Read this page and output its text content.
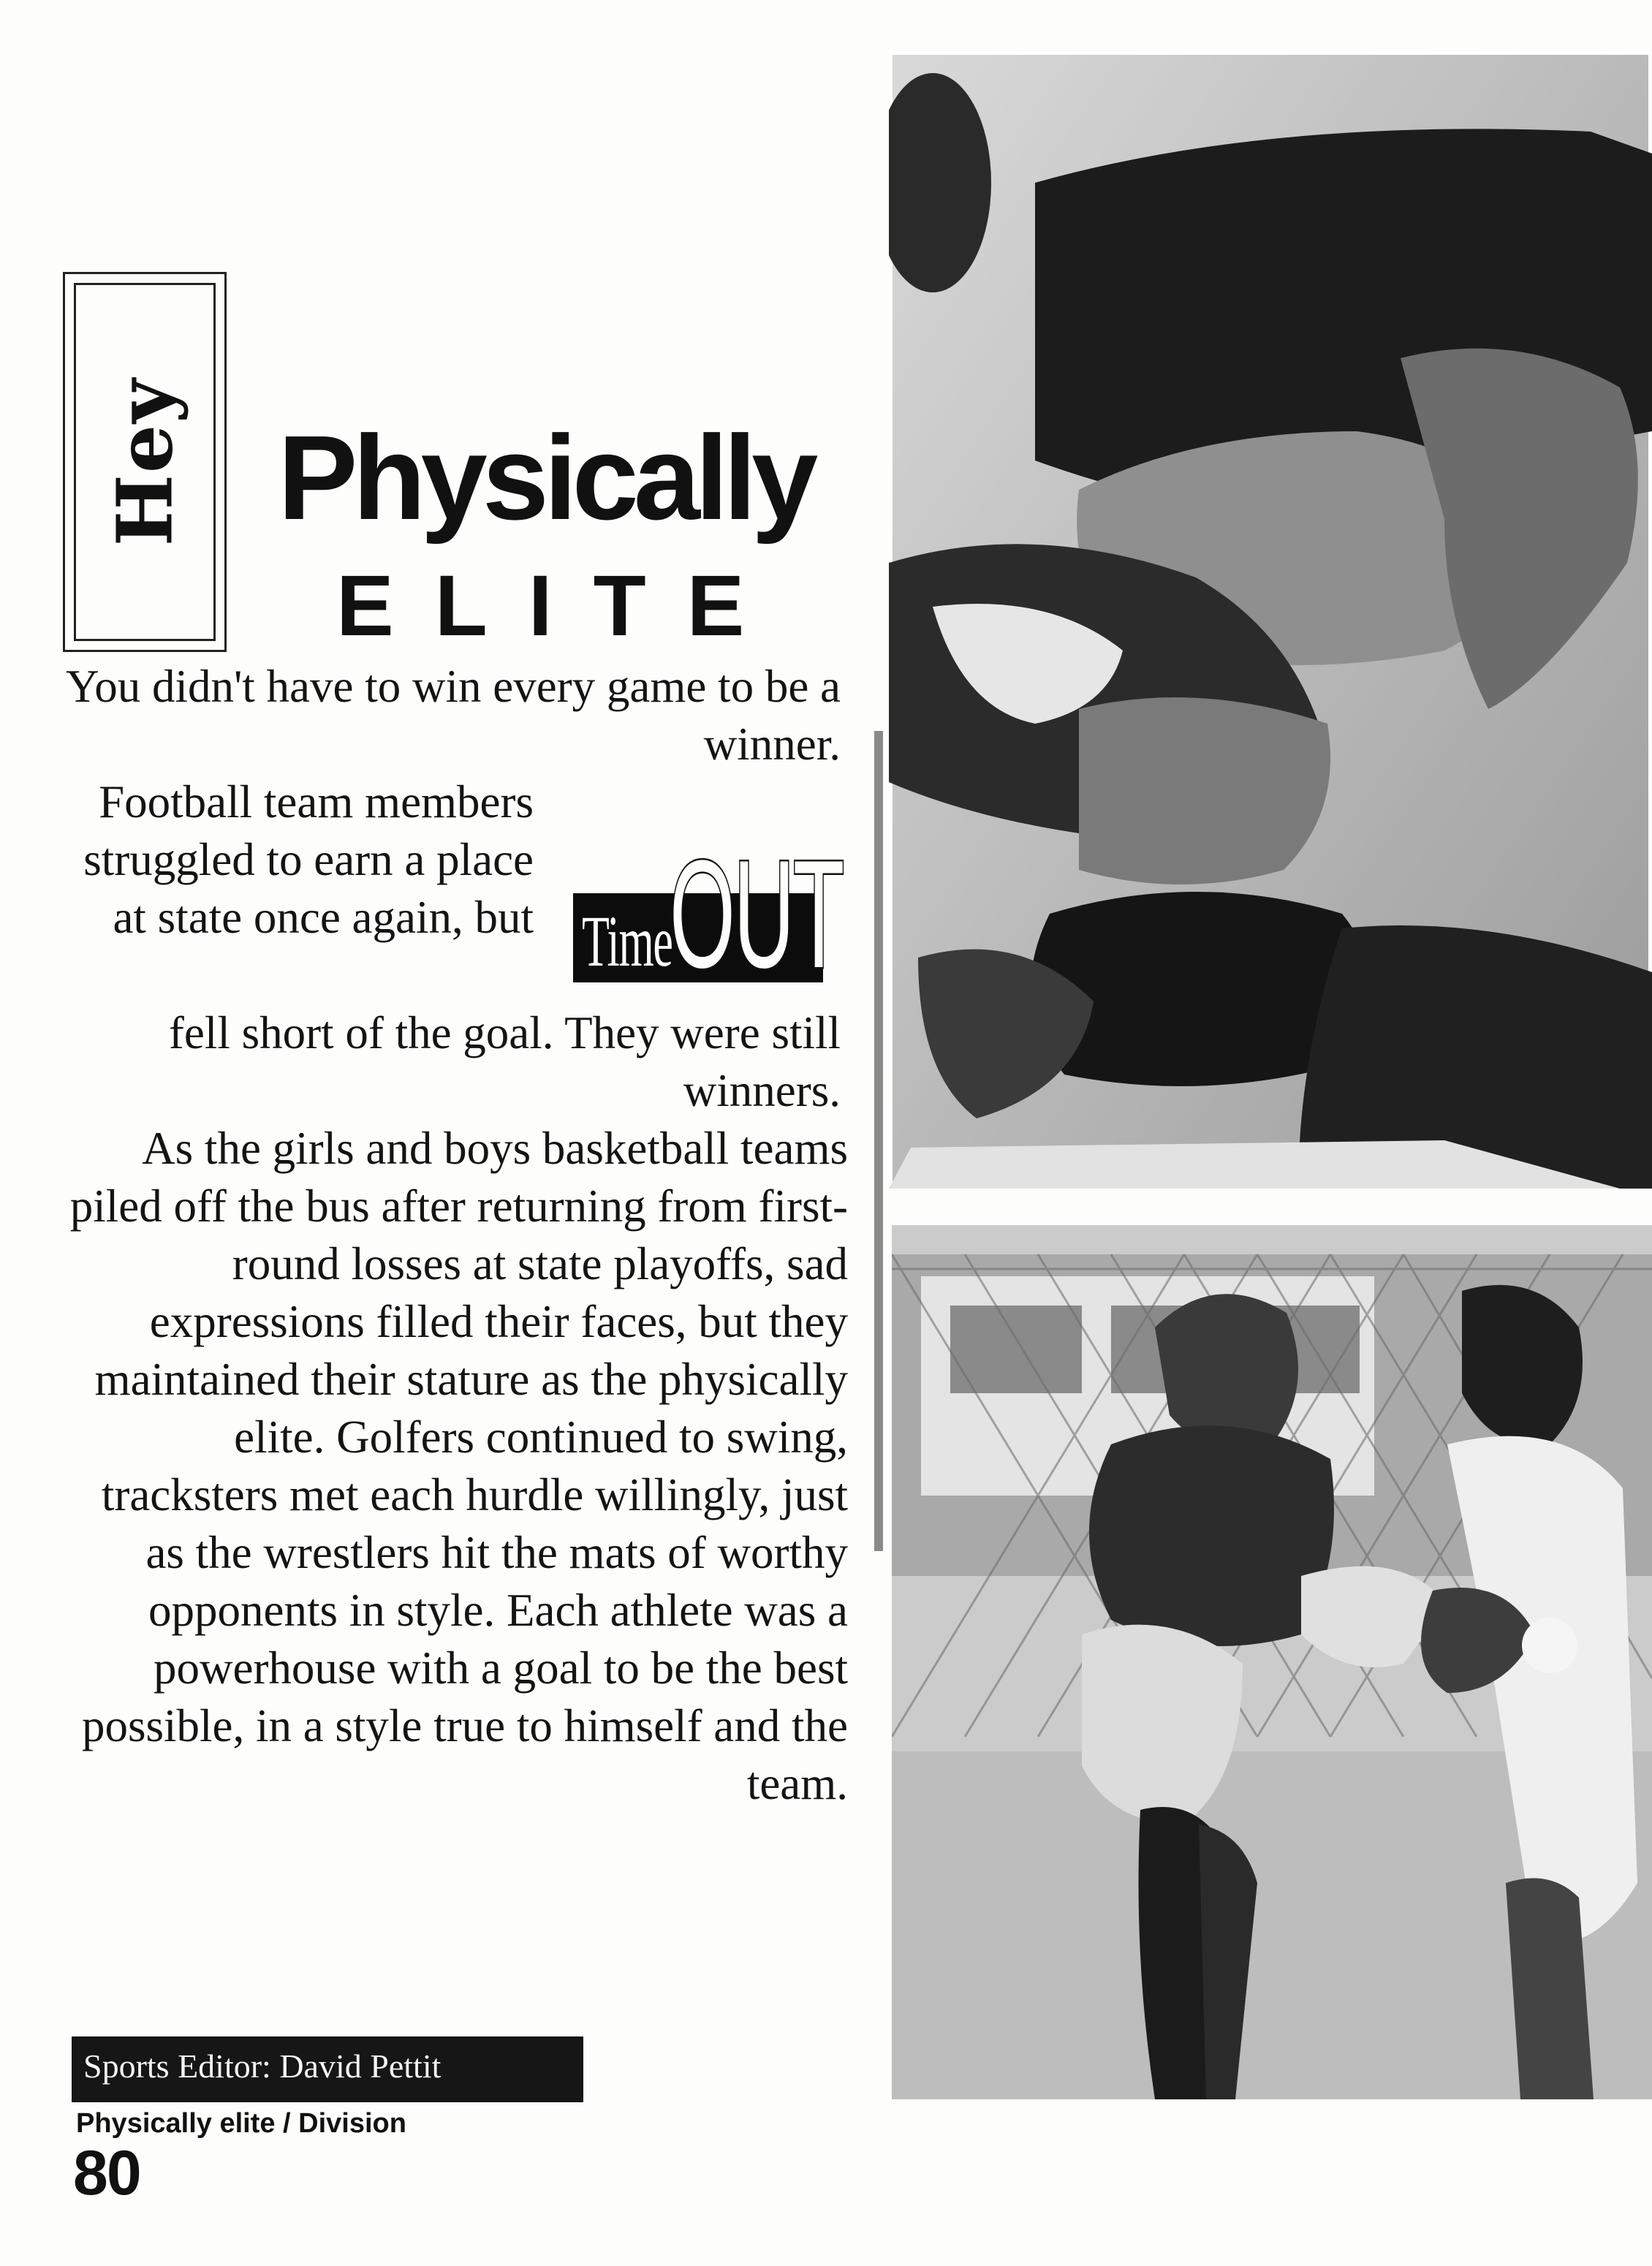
Hey Physically
ELITE
You didn't have to win every game to be a winner.
Football team members struggled to earn a place at state once again, but
fell short of the goal. They were still winners.
As the girls and boys basketball teams piled off the bus after returning from first-round losses at state playoffs, sad expressions filled their faces, but they maintained their stature as the physically elite. Golfers continued to swing, tracksters met each hurdle willingly, just as the wrestlers hit the mats of worthy opponents in style. Each athlete was a powerhouse with a goal to be the best possible, in a style true to himself and the team.
Time
OUT
Sports Editor: David Pettit
Physically elite / Division
80
